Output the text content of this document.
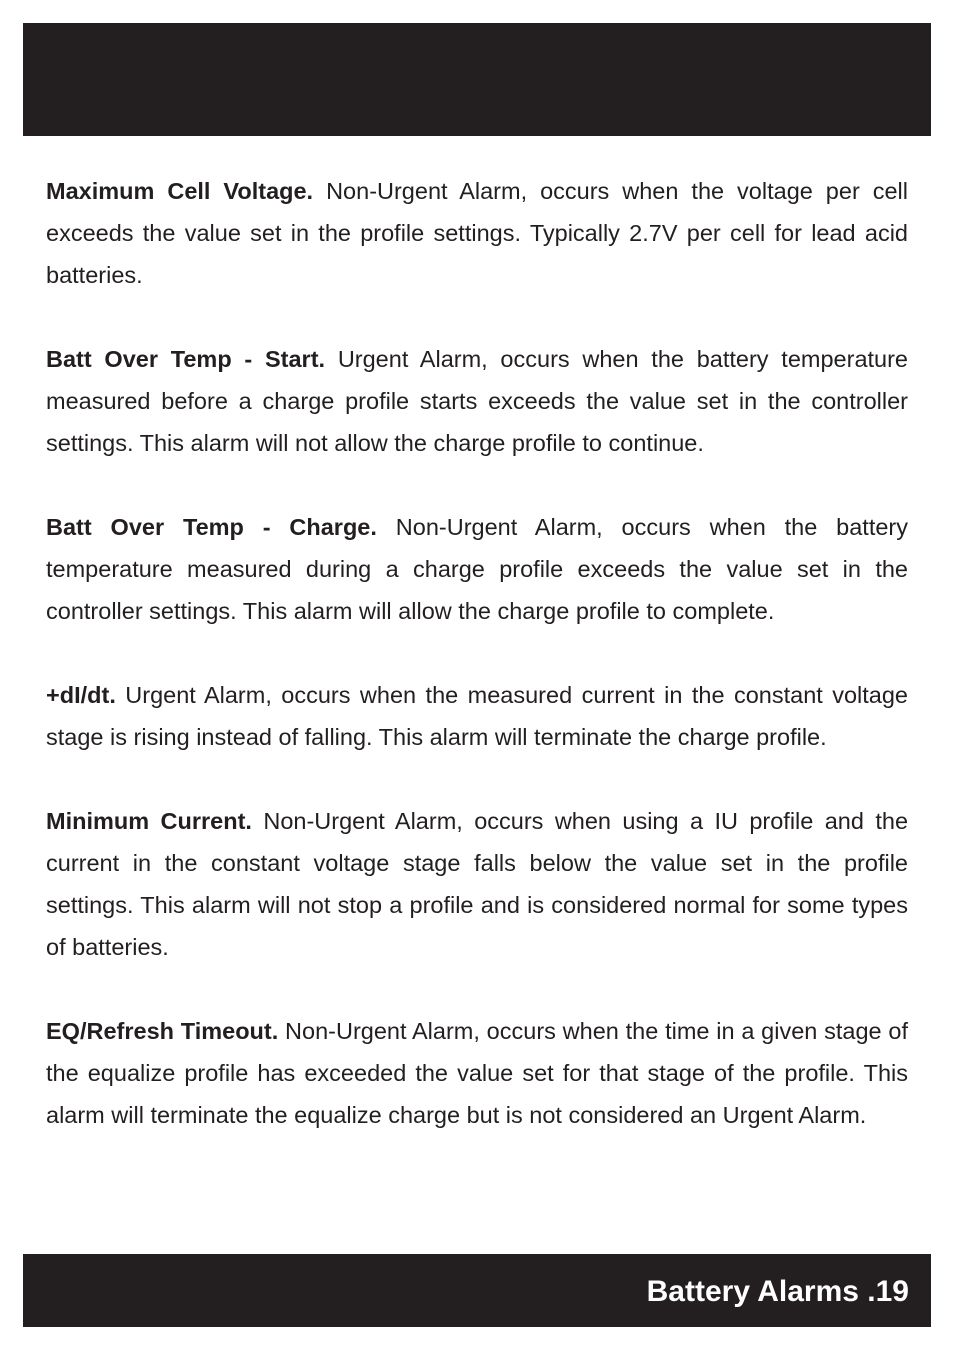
Maximum Cell Voltage. Non-Urgent Alarm, occurs when the voltage per cell exceeds the value set in the profile settings. Typically 2.7V per cell for lead acid batteries.

Batt Over Temp - Start. Urgent Alarm, occurs when the battery temperature measured before a charge profile starts exceeds the value set in the controller settings. This alarm will not allow the charge profile to continue.

Batt Over Temp - Charge. Non-Urgent Alarm, occurs when the battery temperature measured during a charge profile exceeds the value set in the controller settings. This alarm will allow the charge profile to complete.

+dI/dt. Urgent Alarm, occurs when the measured current in the constant voltage stage is rising instead of falling. This alarm will terminate the charge profile.

Minimum Current. Non-Urgent Alarm, occurs when using a IU profile and the current in the constant voltage stage falls below the value set in the profile settings. This alarm will not stop a profile and is considered normal for some types of batteries.

EQ/Refresh Timeout. Non-Urgent Alarm, occurs when the time in a given stage of the equalize profile has exceeded the value set for that stage of the profile. This alarm will terminate the equalize charge but is not considered an Urgent Alarm.

Battery Alarms .19
